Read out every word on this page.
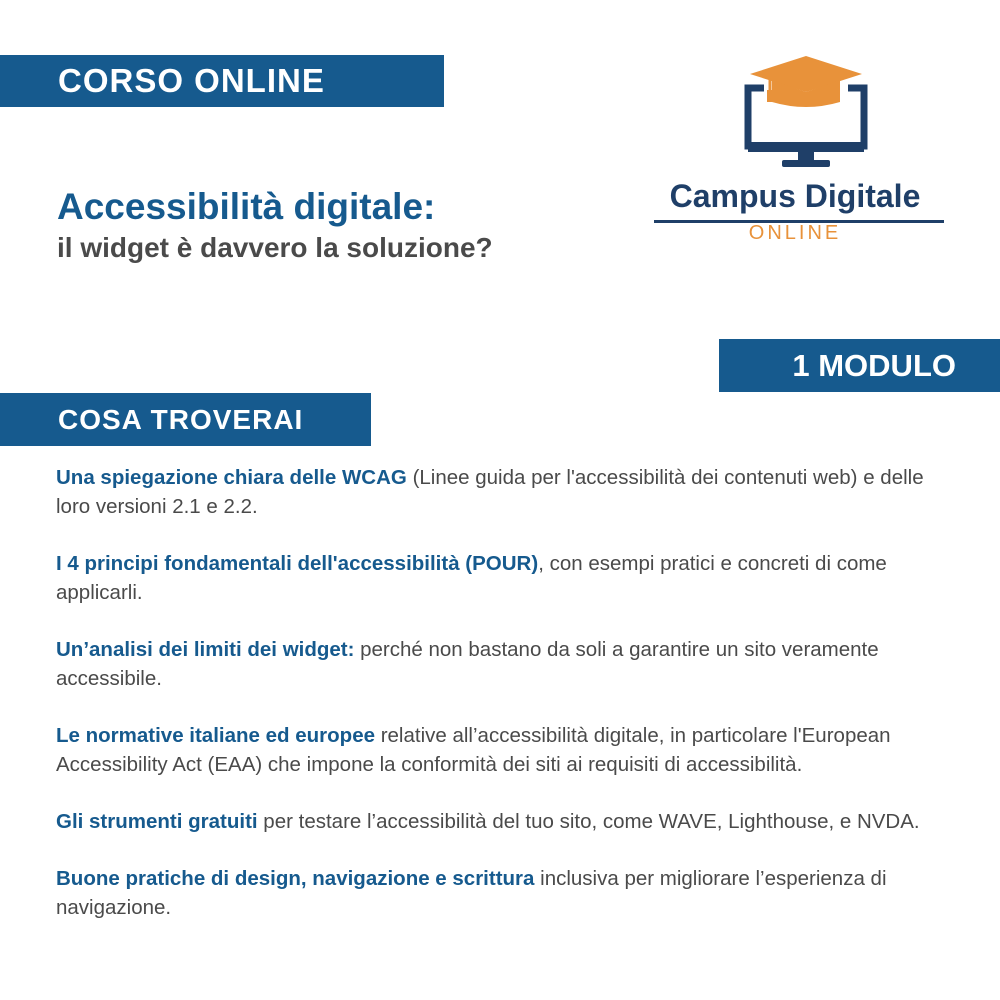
CORSO ONLINE
Accessibilità digitale:
il widget è davvero la soluzione?
Campus Digitale
ONLINE
1 MODULO
COSA TROVERAI
Una spiegazione chiara delle WCAG (Linee guida per l'accessibilità dei contenuti web) e delle loro versioni 2.1 e 2.2.
I 4 principi fondamentali dell'accessibilità (POUR), con esempi pratici e concreti di come applicarli.
Un’analisi dei limiti dei widget: perché non bastano da soli a garantire un sito veramente accessibile.
Le normative italiane ed europee relative all’accessibilità digitale, in particolare l'European Accessibility Act (EAA) che impone la conformità dei siti ai requisiti di accessibilità.
Gli strumenti gratuiti per testare l’accessibilità del tuo sito, come WAVE, Lighthouse, e NVDA.
Buone pratiche di design, navigazione e scrittura inclusiva per migliorare l’esperienza di navigazione.
